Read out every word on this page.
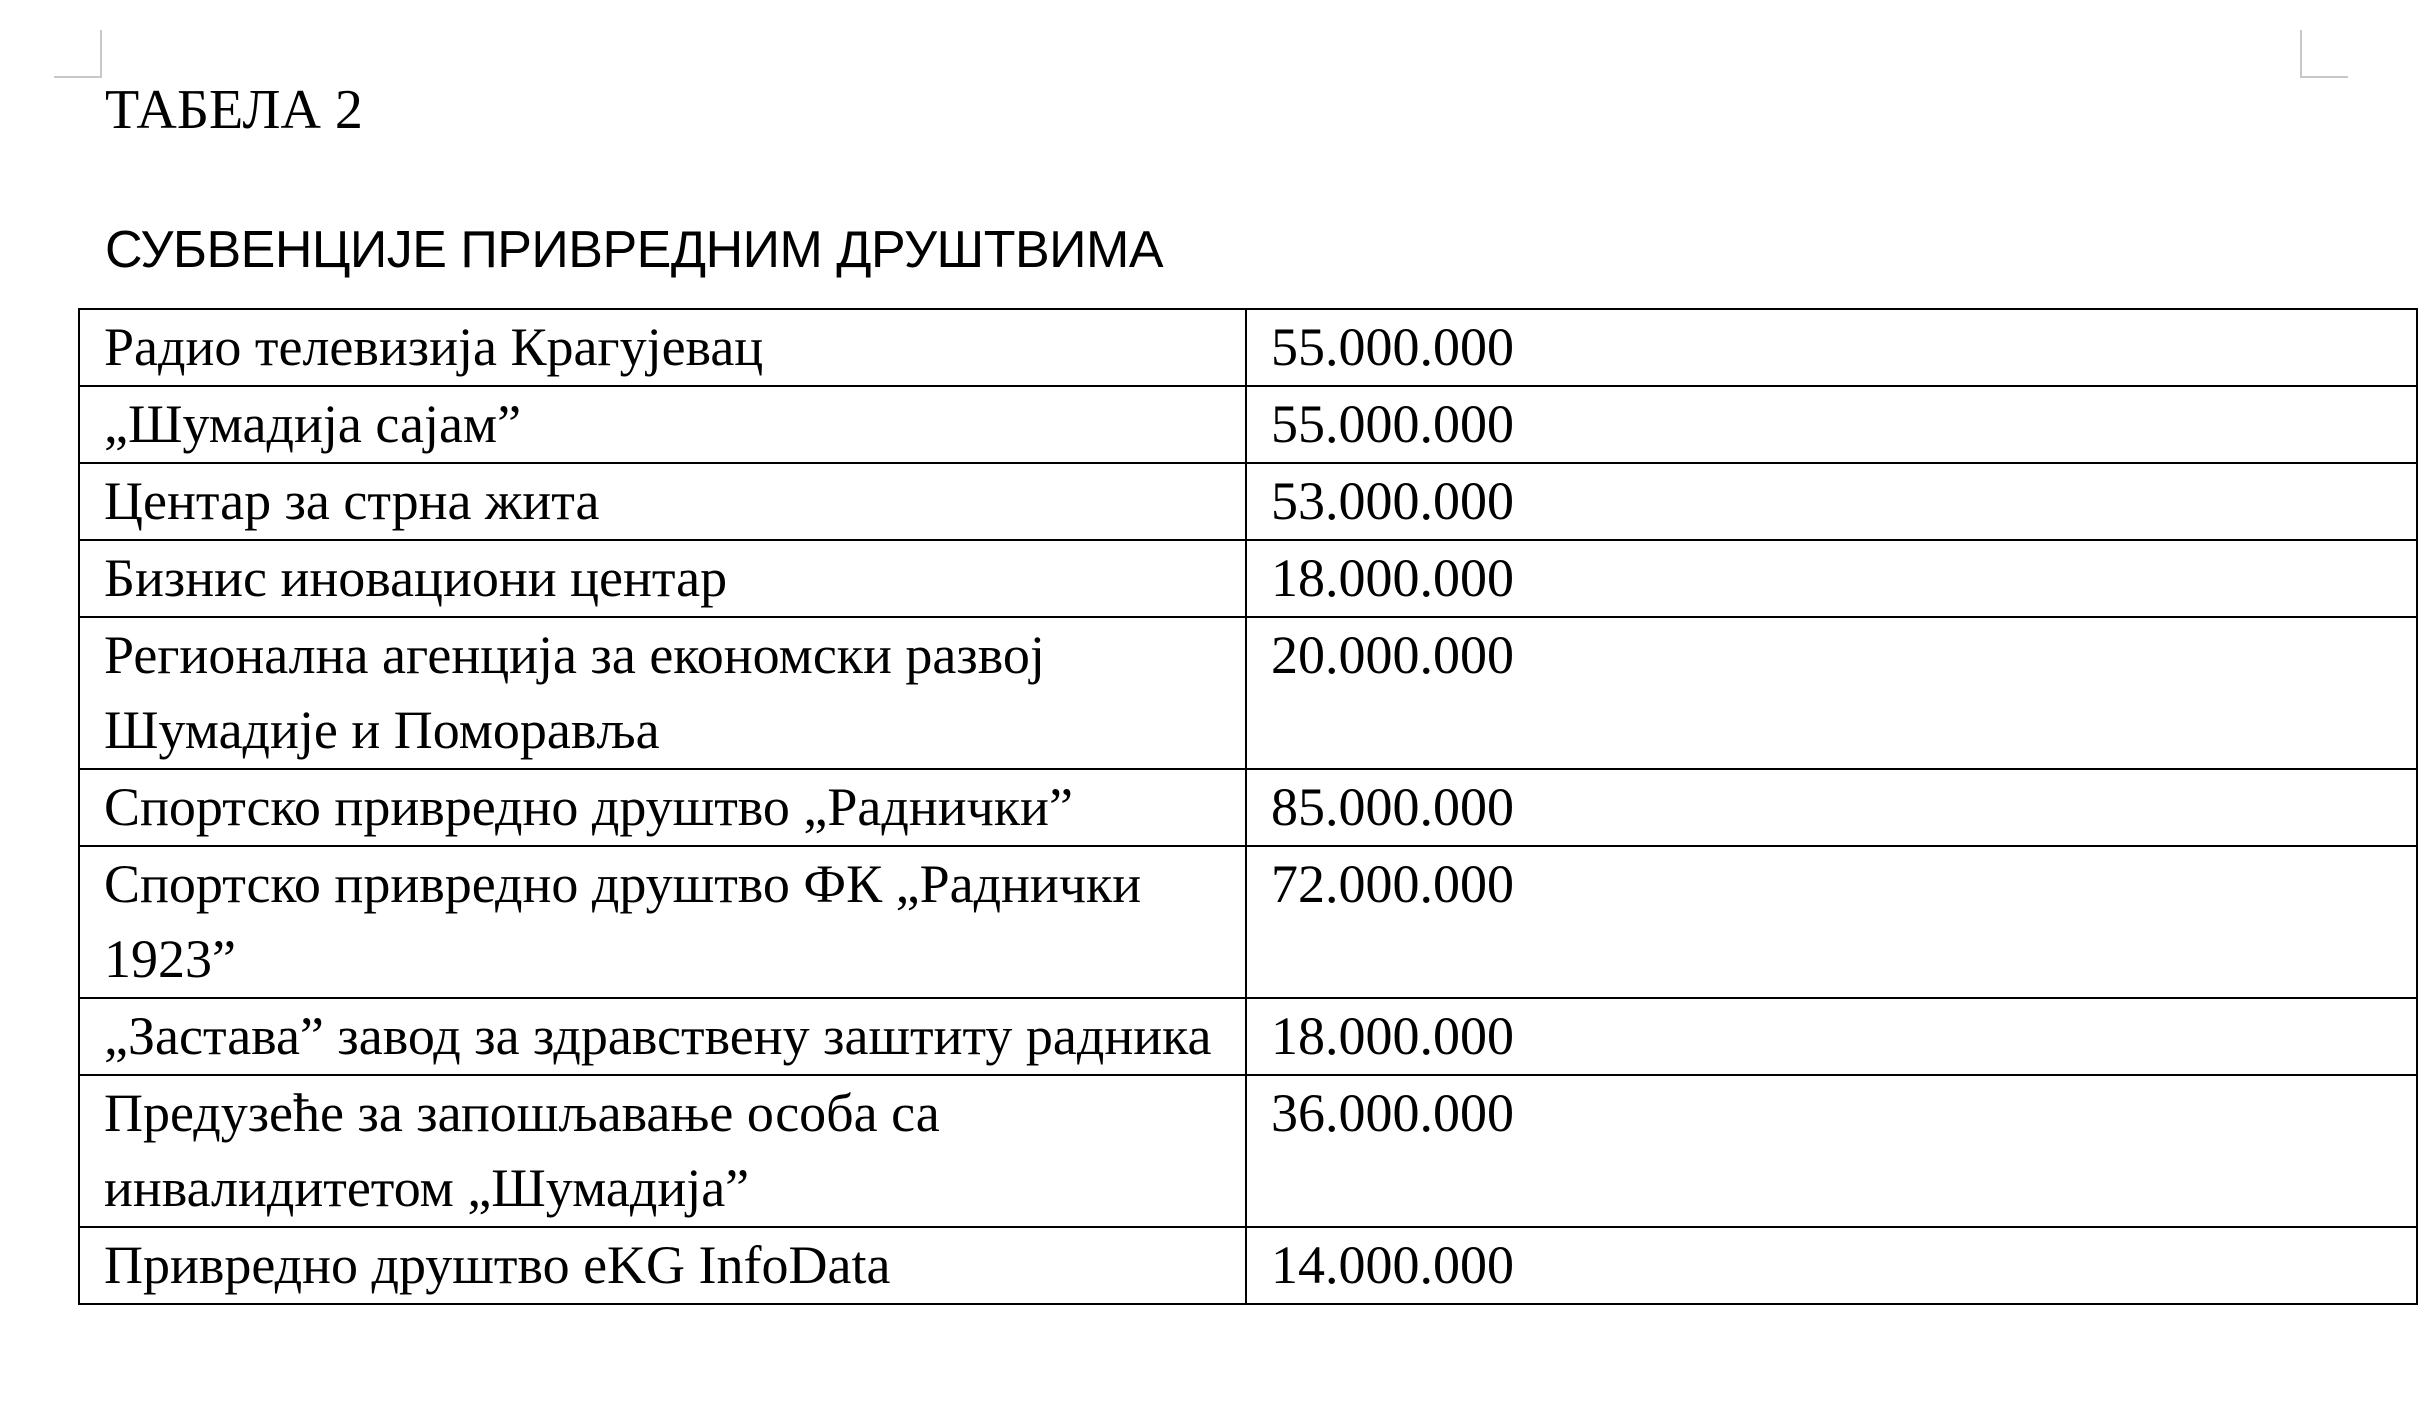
ТАБЕЛА 2
СУБВЕНЦИЈЕ ПРИВРЕДНИМ ДРУШТВИМА
Радио телевизија Крагујевац	55.000.000
„Шумадија сајам”	55.000.000
Центар за стрна жита	53.000.000
Бизнис иновациони центар	18.000.000
Регионална агенција за економски развој Шумадије и Поморавља	20.000.000
Спортско привредно друштво „Раднички”	85.000.000
Спортско привредно друштво ФК „Раднички 1923”	72.000.000
„Застава” завод за здравствену заштиту радника	18.000.000
Предузеће за запошљавање особа са инвалидитетом „Шумадија”	36.000.000
Привредно друштво eKG InfoData	14.000.000
